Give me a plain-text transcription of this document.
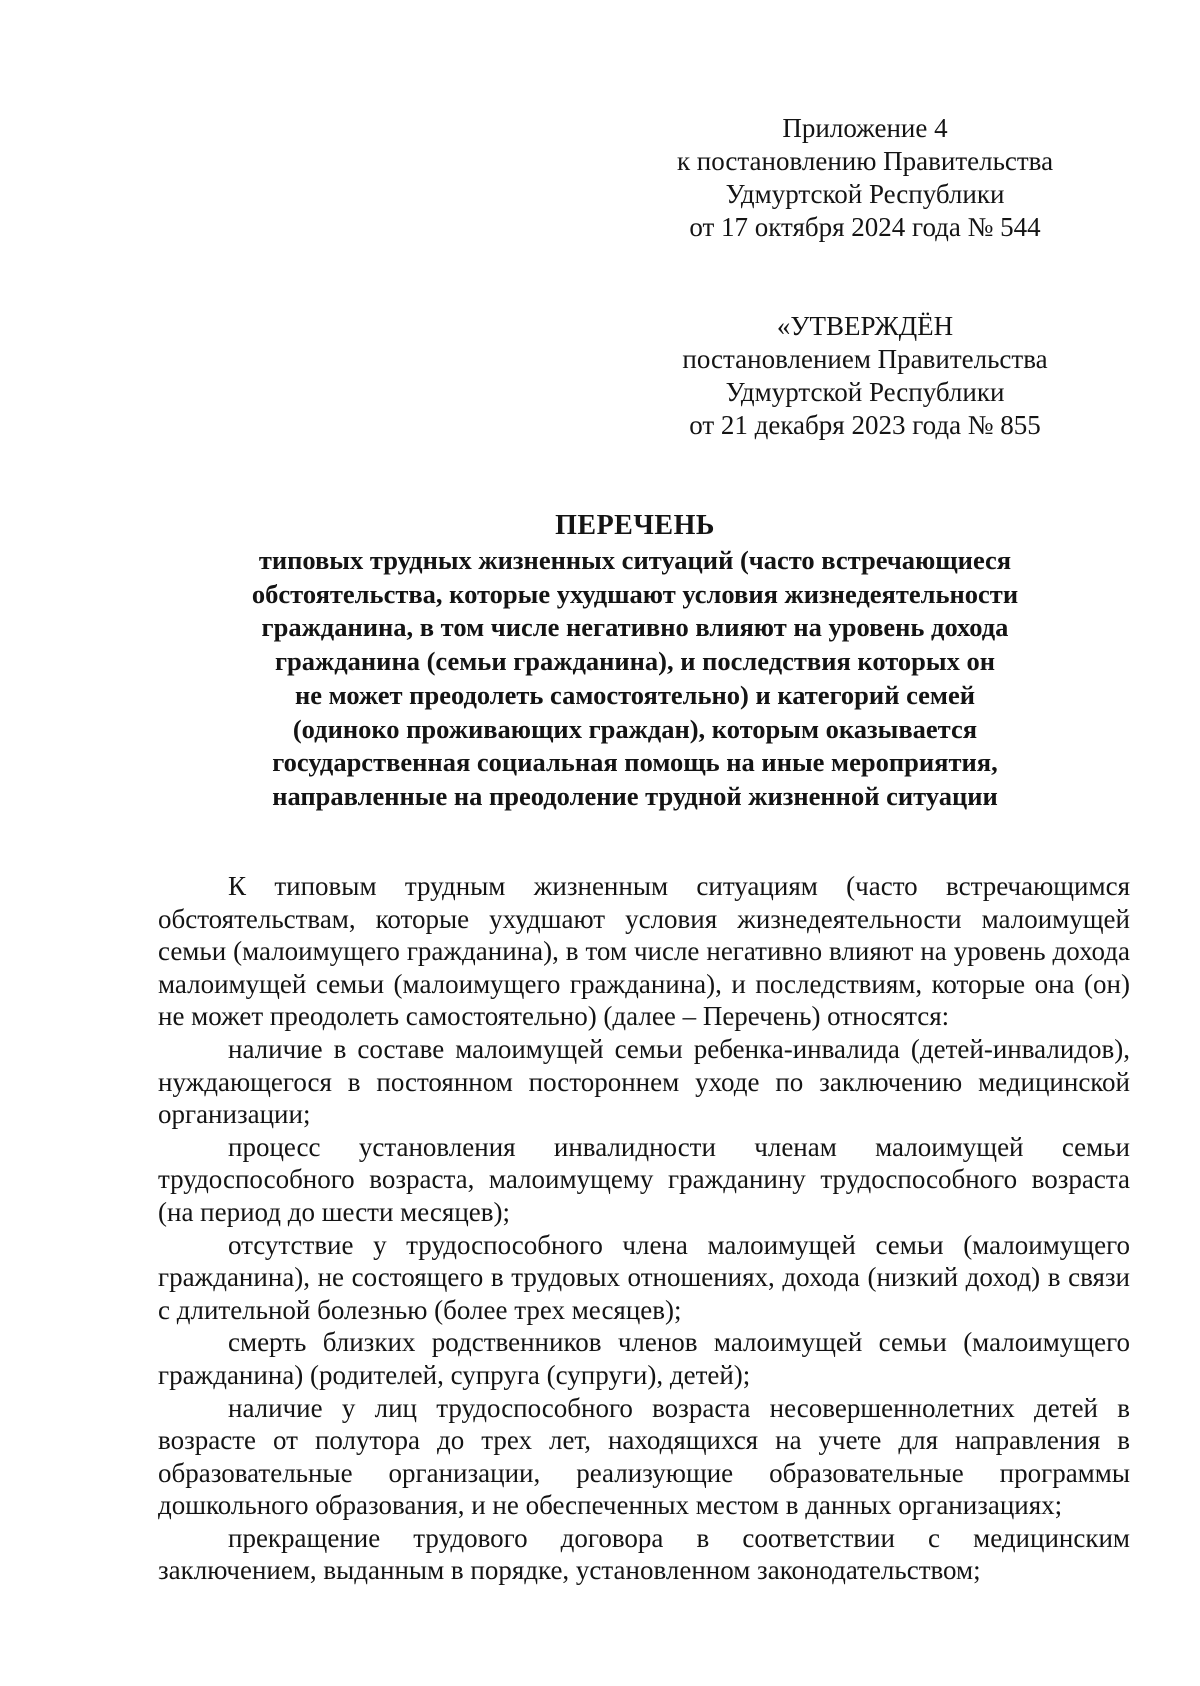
Приложение 4
к постановлению Правительства
Удмуртской Республики
от 17 октября 2024 года № 544
«УТВЕРЖДЁН
постановлением Правительства
Удмуртской Республики
от 21 декабря 2023 года № 855
ПЕРЕЧЕНЬ
типовых трудных жизненных ситуаций (часто встречающиеся
обстоятельства, которые ухудшают условия жизнедеятельности
гражданина, в том числе негативно влияют на уровень дохода
гражданина (семьи гражданина), и последствия которых он
не может преодолеть самостоятельно) и категорий семей
(одиноко проживающих граждан), которым оказывается
государственная социальная помощь на иные мероприятия,
направленные на преодоление трудной жизненной ситуации

К типовым трудным жизненным ситуациям (часто встречающимся обстоятельствам, которые ухудшают условия жизнедеятельности малоимущей семьи (малоимущего гражданина), в том числе негативно влияют на уровень дохода малоимущей семьи (малоимущего гражданина), и последствиям, которые она (он) не может преодолеть самостоятельно) (далее – Перечень) относятся:

наличие в составе малоимущей семьи ребенка-инвалида (детей-инвалидов), нуждающегося в постоянном постороннем уходе по заключению медицинской организации;

процесс установления инвалидности членам малоимущей семьи трудоспособного возраста, малоимущему гражданину трудоспособного возраста (на период до шести месяцев);

отсутствие у трудоспособного члена малоимущей семьи (малоимущего гражданина), не состоящего в трудовых отношениях, дохода (низкий доход) в связи с длительной болезнью (более трех месяцев);

смерть близких родственников членов малоимущей семьи (малоимущего гражданина) (родителей, супруга (супруги), детей);

наличие у лиц трудоспособного возраста несовершеннолетних детей в возрасте от полутора до трех лет, находящихся на учете для направления в образовательные организации, реализующие образовательные программы дошкольного образования, и не обеспеченных местом в данных организациях;

прекращение трудового договора в соответствии с медицинским заключением, выданным в порядке, установленном законодательством;
